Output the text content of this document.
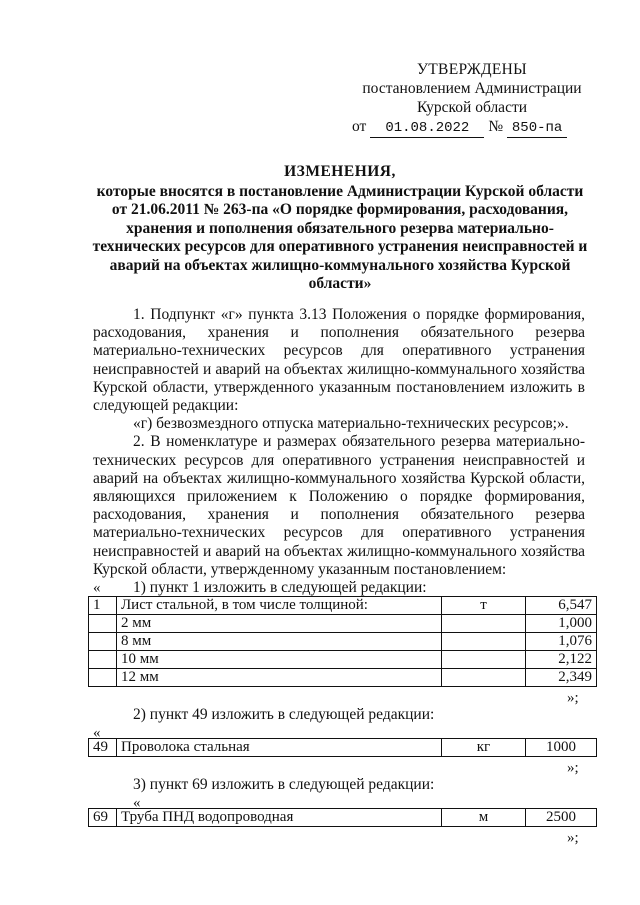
УТВЕРЖДЕНЫ
постановлением Администрации
Курской области
от 01.08.2022 № 850-па
ИЗМЕНЕНИЯ,
которые вносятся в постановление Администрации Курской области
от 21.06.2011 № 263-па «О порядке формирования, расходования,
хранения и пополнения обязательного резерва материально-
технических ресурсов для оперативного устранения неисправностей и
аварий на объектах жилищно-коммунального хозяйства Курской
области»

1. Подпункт «г» пункта 3.13 Положения о порядке формирования, расходования, хранения и пополнения обязательного резерва материально-технических ресурсов для оперативного устранения неисправностей и аварий на объектах жилищно-коммунального хозяйства Курской области, утвержденного указанным постановлением изложить в следующей редакции:

«г) безвозмездного отпуска материально-технических ресурсов;».

2. В номенклатуре и размерах обязательного резерва материально-технических ресурсов для оперативного устранения неисправностей и аварий на объектах жилищно-коммунального хозяйства Курской области, являющихся приложением к Положению о порядке формирования, расходования, хранения и пополнения обязательного резерва материально-технических ресурсов для оперативного устранения неисправностей и аварий на объектах жилищно-коммунального хозяйства Курской области, утвержденному указанным постановлением:

1) пункт 1 изложить в следующей редакции:

«
1	Лист стальной, в том числе толщиной:	т	6,547
	2 мм		1,000
	8 мм		1,076
	10 мм		2,122
	12 мм		2,349
»;
2) пункт 49 изложить в следующей редакции:
«
49	Проволока стальная	кг	1000
»;
3) пункт 69 изложить в следующей редакции:
«
69	Труба ПНД водопроводная	м	2500
»;
